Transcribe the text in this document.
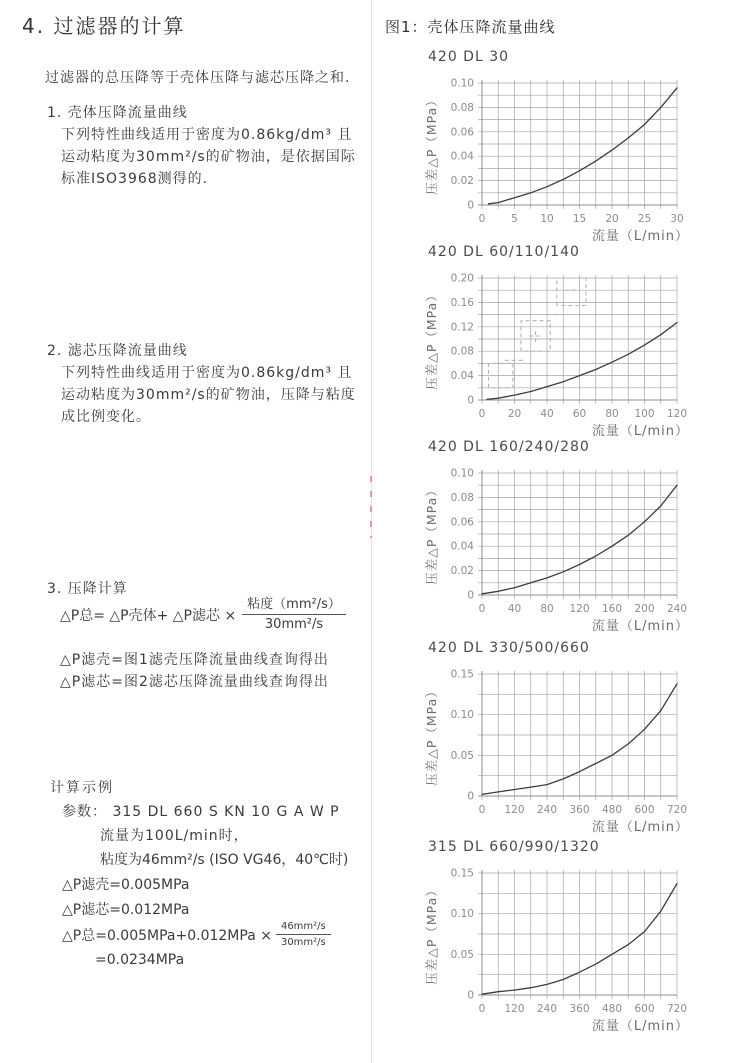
4. 过滤器的计算
过滤器的总压降等于壳体压降与滤芯压降之和.
1. 壳体压降流量曲线
下列特性曲线适用于密度为0.86kg/dm³ 且
运动粘度为30mm²/s的矿物油，是依据国际
标准ISO3968测得的.
2. 滤芯压降流量曲线
下列特性曲线适用于密度为0.86kg/dm³ 且
运动粘度为30mm²/s的矿物油，压降与粘度
成比例变化。
3. 压降计算
△P总= △P壳体+ △P滤芯 × $\frac{\text{粘度（mm²/s）}}{\text{30mm²/s}}$
△P滤壳=图1滤壳压降流量曲线查询得出
△P滤芯=图2滤芯压降流量曲线查询得出
计算示例
参数： 315 DL 660 S KN 10 G A W P
流量为100L/min时，
粘度为46mm²/s (ISO VG46，40℃时)
△P滤壳=0.005MPa
△P滤芯=0.012MPa
△P总$=0.005MPa+0.012MPa \times \frac{\text{46mm²/s}}{\text{30mm²/s}}$
=0.0234MPa
图1：壳体压降流量曲线
420 DL 30
0
0.02
0.04
0.06
0.08
0.10
0 5 10 15 20 25 30
压差△P（MPa）
流量（L/min）
420 DL 60/110/140
0
0.04
0.08
0.12
0.16
0.20
0 20 40 60 80 100 120
压差△P（MPa）
流量（L/min）
420 DL 160/240/280
0
0.02
0.04
0.06
0.08
0.10
0 40 80 120 160 200 240
压差△P（MPa）
流量（L/min）
420 DL 330/500/660
0
0.05
0.10
0.15
0 120 240 360 480 600 720
压差△P（MPa）
流量（L/min）
315 DL 660/990/1320
0
0.05
0.10
0.15
0 120 240 360 480 600 720
压差△P（MPa）
流量（L/min）
